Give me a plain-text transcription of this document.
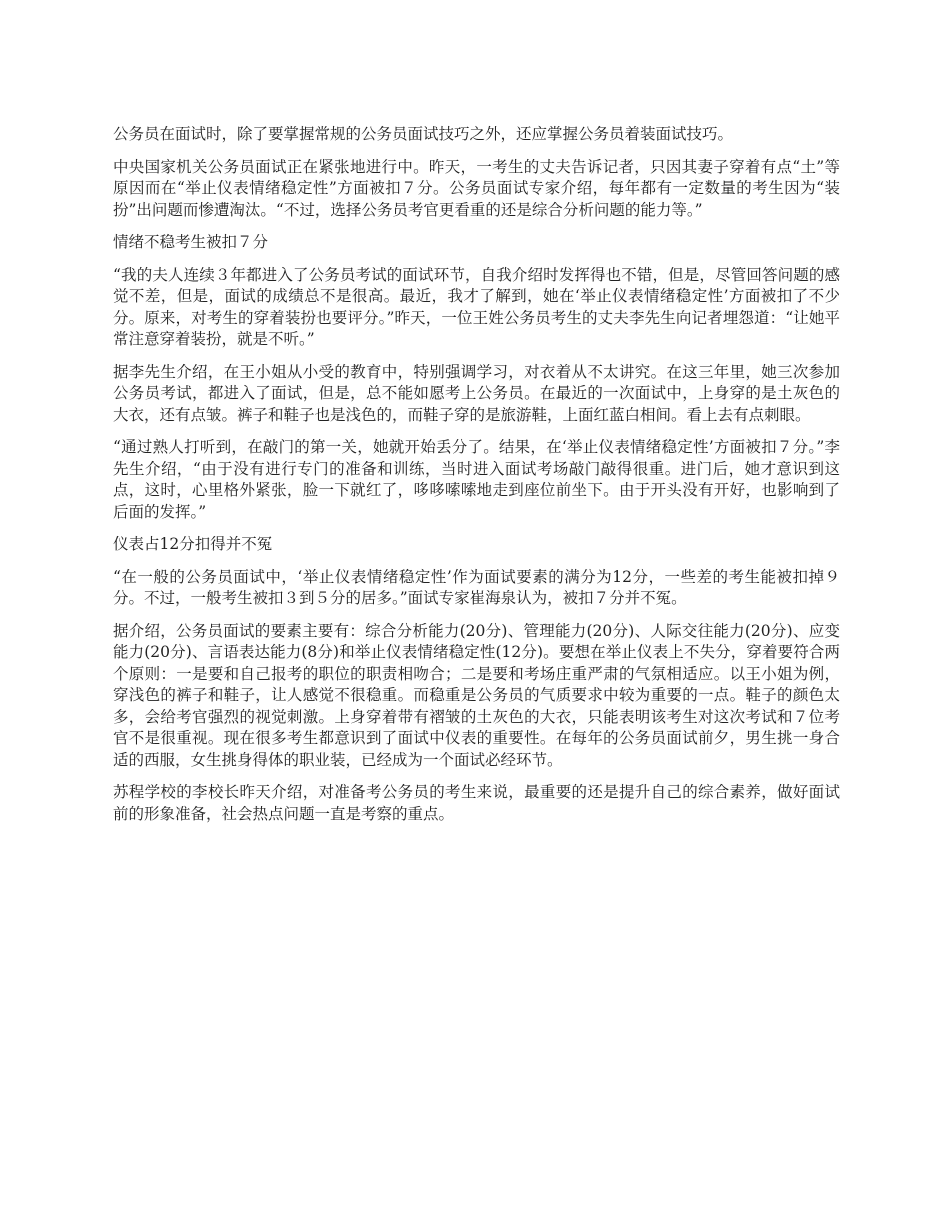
公务员在面试时，除了要掌握常规的公务员面试技巧之外，还应掌握公务员着装面试技巧。

中央国家机关公务员面试正在紧张地进行中。昨天，一考生的丈夫告诉记者，只因其妻子穿着有点“土”等原因而在“举止仪表情绪稳定性”方面被扣７分。公务员面试专家介绍，每年都有一定数量的考生因为“装扮”出问题而惨遭淘汰。“不过，选择公务员考官更看重的还是综合分析问题的能力等。”

情绪不稳考生被扣７分

“我的夫人连续３年都进入了公务员考试的面试环节，自我介绍时发挥得也不错，但是，尽管回答问题的感觉不差，但是，面试的成绩总不是很高。最近，我才了解到，她在‘举止仪表情绪稳定性’方面被扣了不少分。原来，对考生的穿着装扮也要评分。”昨天，一位王姓公务员考生的丈夫李先生向记者埋怨道：“让她平常注意穿着装扮，就是不听。”

据李先生介绍，在王小姐从小受的教育中，特别强调学习，对衣着从不太讲究。在这三年里，她三次参加公务员考试，都进入了面试，但是，总不能如愿考上公务员。在最近的一次面试中，上身穿的是土灰色的大衣，还有点皱。裤子和鞋子也是浅色的，而鞋子穿的是旅游鞋，上面红蓝白相间。看上去有点刺眼。

“通过熟人打听到，在敲门的第一关，她就开始丢分了。结果，在‘举止仪表情绪稳定性’方面被扣７分。”李先生介绍，“由于没有进行专门的准备和训练，当时进入面试考场敲门敲得很重。进门后，她才意识到这点，这时，心里格外紧张，脸一下就红了，哆哆嗦嗦地走到座位前坐下。由于开头没有开好，也影响到了后面的发挥。”

仪表占12分扣得并不冤

“在一般的公务员面试中，‘举止仪表情绪稳定性’作为面试要素的满分为12分，一些差的考生能被扣掉９分。不过，一般考生被扣３到５分的居多。”面试专家崔海泉认为，被扣７分并不冤。

据介绍，公务员面试的要素主要有：综合分析能力(20分)、管理能力(20分)、人际交往能力(20分)、应变能力(20分)、言语表达能力(8分)和举止仪表情绪稳定性(12分)。要想在举止仪表上不失分，穿着要符合两个原则：一是要和自己报考的职位的职责相吻合；二是要和考场庄重严肃的气氛相适应。以王小姐为例，穿浅色的裤子和鞋子，让人感觉不很稳重。而稳重是公务员的气质要求中较为重要的一点。鞋子的颜色太多，会给考官强烈的视觉刺激。上身穿着带有褶皱的土灰色的大衣，只能表明该考生对这次考试和７位考官不是很重视。现在很多考生都意识到了面试中仪表的重要性。在每年的公务员面试前夕，男生挑一身合适的西服，女生挑身得体的职业装，已经成为一个面试必经环节。

苏程学校的李校长昨天介绍，对准备考公务员的考生来说，最重要的还是提升自己的综合素养，做好面试前的形象准备，社会热点问题一直是考察的重点。
